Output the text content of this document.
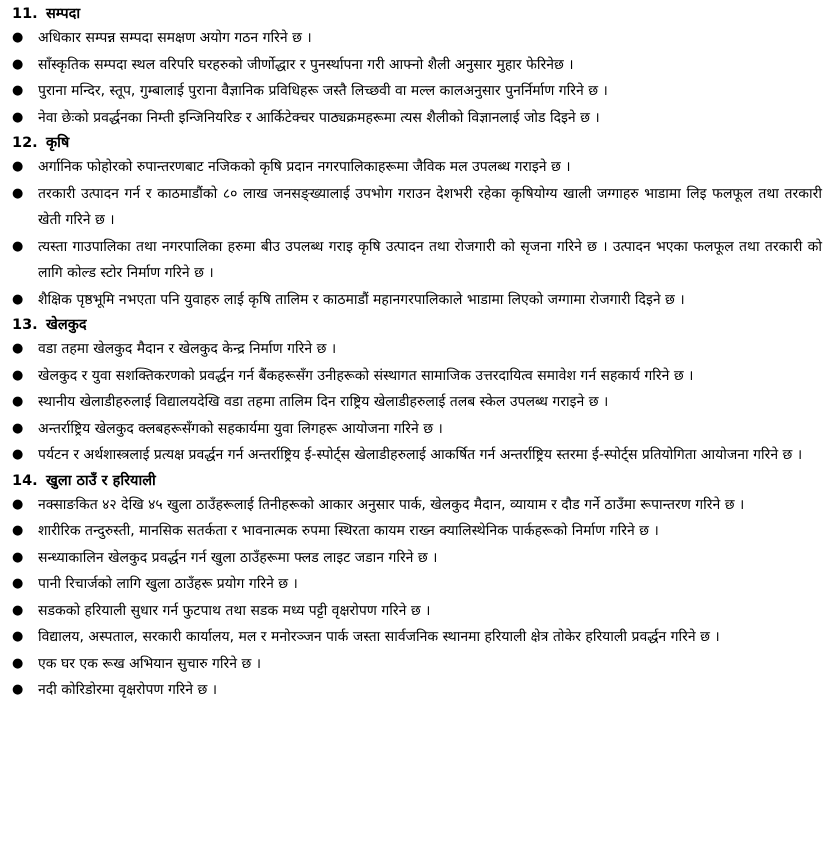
11. सम्पदा
● अधिकार सम्पन्न सम्पदा समक्षण अयोग गठन गरिने छ ।
● साँस्कृतिक सम्पदा स्थल वरिपरि घरहरुको जीर्णोद्धार र पुनर्स्थापना गरी आफ्नो शैली अनुसार मुहार फेरिनेछ ।
● पुराना मन्दिर, स्तूप, गुम्बालाई पुराना वैज्ञानिक प्रविधिहरू जस्तै लिच्छवी वा मल्ल कालअनुसार पुनर्निर्माण गरिने छ ।
● नेवा छेःको प्रवर्द्धनका निम्ती इन्जिनियरिङ र आर्किटेक्चर पाठ्यक्रमहरूमा त्यस शैलीको विज्ञानलाई जोड दिइने छ ।
12. कृषि
● अर्गानिक फोहोरको रुपान्तरणबाट नजिकको कृषि प्रदान नगरपालिकाहरूमा जैविक मल उपलब्ध गराइने छ ।
● तरकारी उत्पादन गर्न र काठमाडौंको ८० लाख जनसङ्ख्यालाई उपभोग गराउन देशभरी रहेका कृषियोग्य खाली जग्गाहरु भाडामा लिइ फलफूल तथा तरकारी खेती गरिने छ ।
● त्यस्ता गाउपालिका तथा नगरपालिका हरुमा बीउ उपलब्ध गराइ कृषि उत्पादन तथा रोजगारी को सृजना गरिने छ । उत्पादन भएका फलफूल तथा तरकारी को लागि कोल्ड स्टोर निर्माण गरिने छ ।
● शैक्षिक पृष्ठभूमि नभएता पनि युवाहरु लाई कृषि तालिम र काठमाडौं महानगरपालिकाले भाडामा लिएको जग्गामा रोजगारी दिइने छ ।
13. खेलकुद
● वडा तहमा खेलकुद मैदान र खेलकुद केन्द्र निर्माण गरिने छ ।
● खेलकुद र युवा सशक्तिकरणको प्रवर्द्धन गर्न बैंकहरूसँग उनीहरूको संस्थागत सामाजिक उत्तरदायित्व समावेश गर्न सहकार्य गरिने छ ।
● स्थानीय खेलाडीहरुलाई विद्यालयदेखि वडा तहमा तालिम दिन राष्ट्रिय खेलाडीहरुलाई तलब स्केल उपलब्ध गराइने छ ।
● अन्तर्राष्ट्रिय खेलकुद क्लबहरूसँगको सहकार्यमा युवा लिगहरू आयोजना गरिने छ ।
● पर्यटन र अर्थशास्त्रलाई प्रत्यक्ष प्रवर्द्धन गर्न अन्तर्राष्ट्रिय ई-स्पोर्ट्स खेलाडीहरुलाई आकर्षित गर्न अन्तर्राष्ट्रिय स्तरमा ई-स्पोर्ट्स प्रतियोगिता आयोजना गरिने छ ।
14. खुला ठाउँ र हरियाली
● नक्साङकित ४२ देखि ४५ खुला ठाउँहरूलाई तिनीहरूको आकार अनुसार पार्क, खेलकुद मैदान, व्यायाम र दौड गर्ने ठाउँमा रूपान्तरण गरिने छ ।
● शारीरिक तन्दुरुस्ती, मानसिक सतर्कता र भावनात्मक रुपमा स्थिरता कायम राख्न क्यालिस्थेनिक पार्कहरूको निर्माण गरिने छ ।
● सन्ध्याकालिन खेलकुद प्रवर्द्धन गर्न खुला ठाउँहरूमा फ्लड लाइट जडान गरिने छ ।
● पानी रिचार्जको लागि खुला ठाउँहरू प्रयोग गरिने छ ।
● सडकको हरियाली सुधार गर्न फुटपाथ तथा सडक मध्य पट्टी वृक्षरोपण गरिने छ ।
● विद्यालय, अस्पताल, सरकारी कार्यालय, मल र मनोरञ्जन पार्क जस्ता सार्वजनिक स्थानमा हरियाली क्षेत्र तोकेर हरियाली प्रवर्द्धन गरिने छ ।
● एक घर एक रूख अभियान सुचारु गरिने छ ।
● नदी कोरिडोरमा वृक्षरोपण गरिने छ ।
